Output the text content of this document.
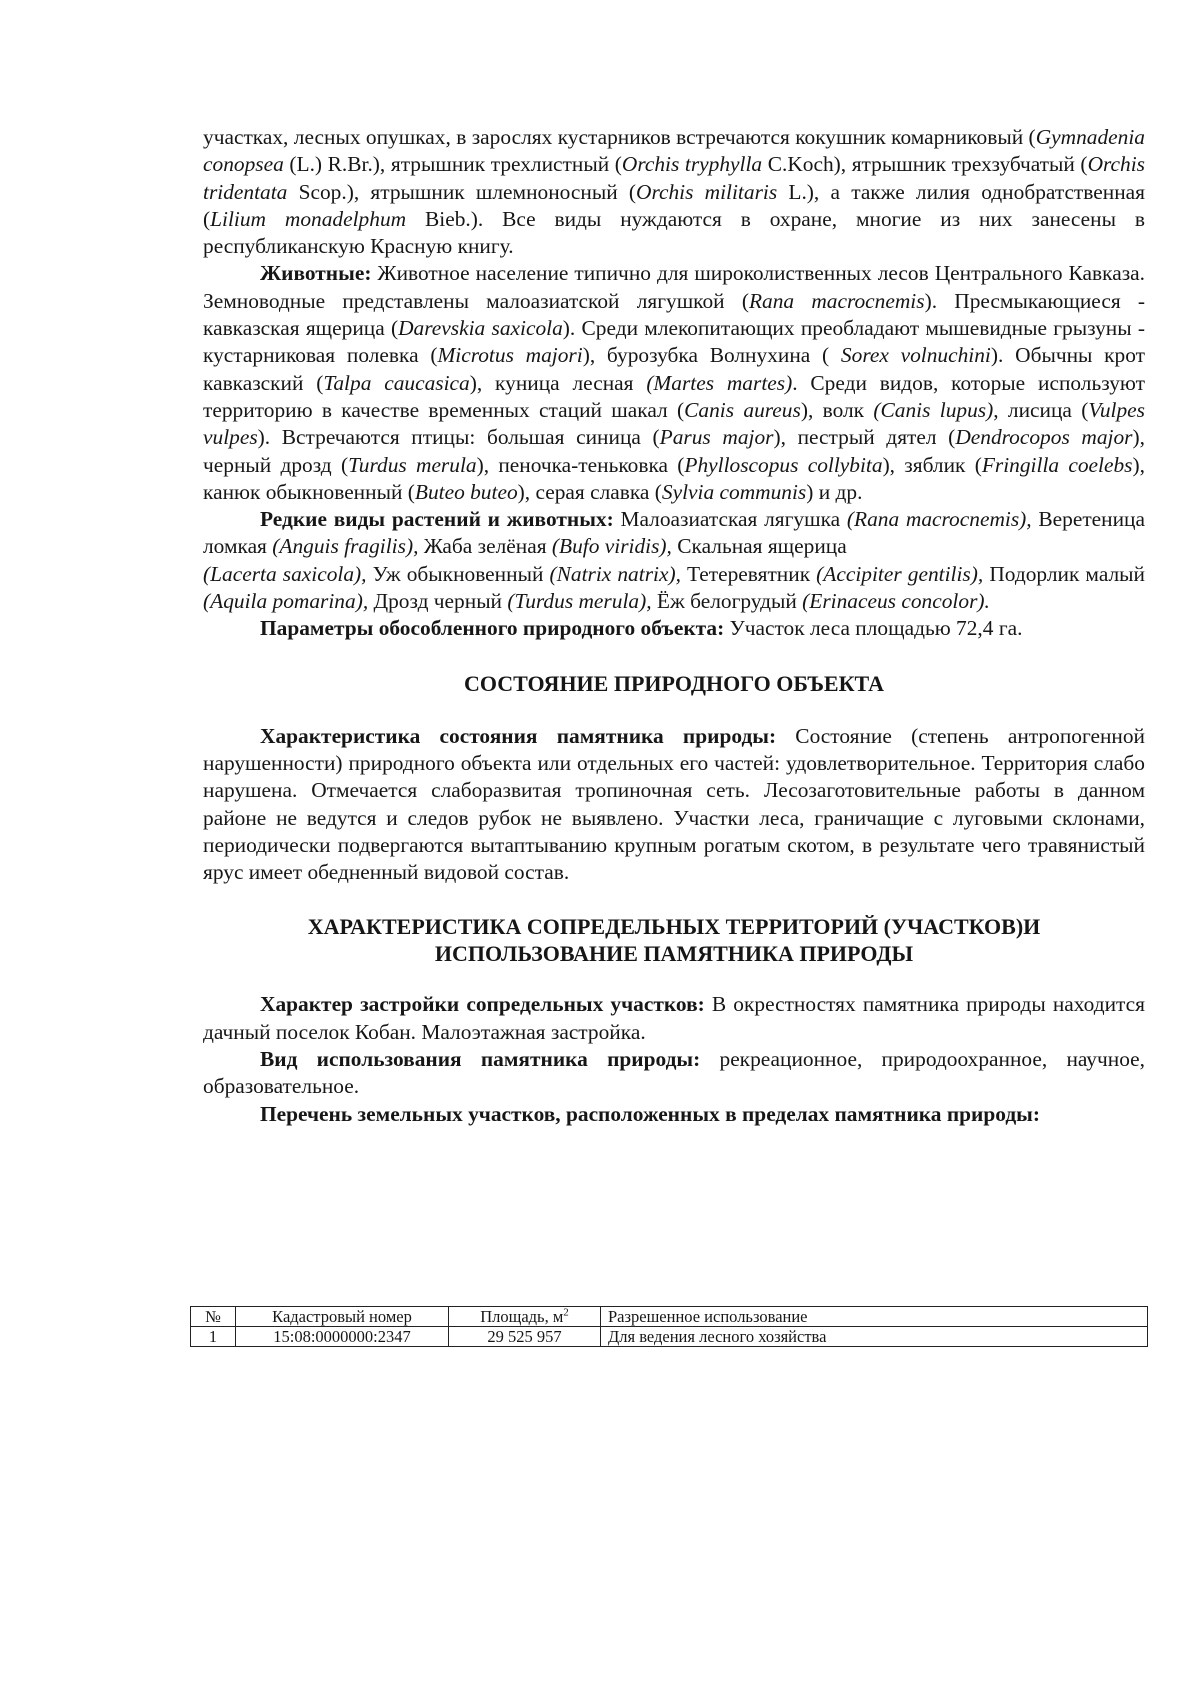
участках, лесных опушках, в зарослях кустарников встречаются кокушник комарниковый (Gymnadenia conopsea (L.) R.Br.), ятрышник трехлистный (Orchis tryphylla C.Koch), ятрышник трехзубчатый (Orchis tridentata Scop.), ятрышник шлемноносный (Orchis militaris L.), а также лилия однобратственная (Lilium monadelphum Bieb.). Все виды нуждаются в охране, многие из них занесены в республиканскую Красную книгу.

Животные: Животное население типично для широколиственных лесов Центрального Кавказа. Земноводные представлены малоазиатской лягушкой (Rana macrocnemis). Пресмыкающиеся - кавказская ящерица (Darevskia saxicola). Среди млекопитающих преобладают мышевидные грызуны - кустарниковая полевка (Microtus majori), бурозубка Волнухина ( Sorex volnuchini). Обычны крот кавказский (Talpa caucasica), куница лесная (Martes martes). Среди видов, которые используют территорию в качестве временных стаций шакал (Canis aureus), волк (Canis lupus), лисица (Vulpes vulpes). Встречаются птицы: большая синица (Parus major), пестрый дятел (Dendrocopos major), черный дрозд (Turdus merula), пеночка-теньковка (Phylloscopus collybita), зяблик (Fringilla coelebs), канюк обыкновенный (Buteo buteo), серая славка (Sylvia communis) и др.

Редкие виды растений и животных: Малоазиатская лягушка (Rana macrocnemis), Веретеница ломкая (Anguis fragilis), Жаба зелёная (Bufo viridis), Скальная ящерица
(Lacerta saxicola), Уж обыкновенный (Natrix natrix), Тетеревятник (Accipiter gentilis), Подорлик малый (Aquila pomarina), Дрозд черный (Turdus merula), Ёж белогрудый (Erinaceus concolor).

Параметры обособленного природного объекта: Участок леса площадью 72,4 га.

СОСТОЯНИЕ ПРИРОДНОГО ОБЪЕКТА

Характеристика состояния памятника природы: Состояние (степень антропогенной нарушенности) природного объекта или отдельных его частей: удовлетворительное. Территория слабо нарушена. Отмечается слаборазвитая тропиночная сеть. Лесозаготовительные работы в данном районе не ведутся и следов рубок не выявлено. Участки леса, граничащие с луговыми склонами, периодически подвергаются вытаптыванию крупным рогатым скотом, в результате чего травянистый ярус имеет обедненный видовой состав.

ХАРАКТЕРИСТИКА СОПРЕДЕЛЬНЫХ ТЕРРИТОРИЙ (УЧАСТКОВ)И
ИСПОЛЬЗОВАНИЕ ПАМЯТНИКА ПРИРОДЫ

Характер застройки сопредельных участков: В окрестностях памятника природы находится дачный поселок Кобан. Малоэтажная застройка.

Вид использования памятника природы: рекреационное, природоохранное, научное, образовательное.

Перечень земельных участков, расположенных в пределах памятника природы:

№	Кадастровый номер	Площадь, $м^2$	Разрешенное использование
1	15:08:0000000:2347	29 525 957	Для ведения лесного хозяйства
